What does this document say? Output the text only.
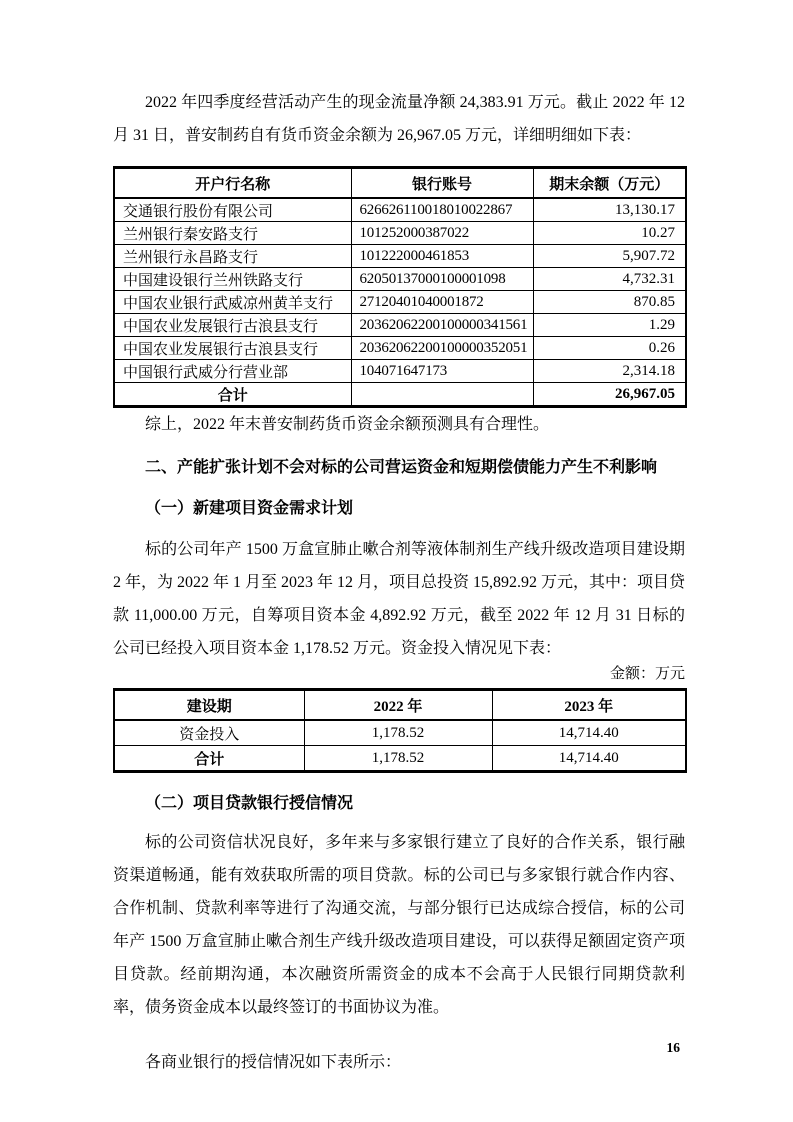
2022 年四季度经营活动产生的现金流量净额 24,383.91 万元。截止 2022 年 12 月 31 日，普安制药自有货币资金余额为 26,967.05 万元，详细明细如下表：

开户行名称	银行账号	期末余额（万元）
交通银行股份有限公司	626626110018010022867	13,130.17
兰州银行秦安路支行	101252000387022	10.27
兰州银行永昌路支行	101222000461853	5,907.72
中国建设银行兰州铁路支行	62050137000100001098	4,732.31
中国农业银行武威凉州黄羊支行	27120401040001872	870.85
中国农业发展银行古浪县支行	20362062200100000341561	1.29
中国农业发展银行古浪县支行	20362062200100000352051	0.26
中国银行武威分行营业部	104071647173	2,314.18
合计		26,967.05

综上，2022 年末普安制药货币资金余额预测具有合理性。

二、产能扩张计划不会对标的公司营运资金和短期偿债能力产生不利影响
（一）新建项目资金需求计划

标的公司年产 1500 万盒宣肺止嗽合剂等液体制剂生产线升级改造项目建设期 2 年，为 2022 年 1 月至 2023 年 12 月，项目总投资 15,892.92 万元，其中：项目贷款 11,000.00 万元，自筹项目资本金 4,892.92 万元，截至 2022 年 12 月 31 日标的公司已经投入项目资本金 1,178.52 万元。资金投入情况见下表：

金额：万元

建设期	2022 年	2023 年
资金投入	1,178.52	14,714.40
合计	1,178.52	14,714.40
（二）项目贷款银行授信情况

标的公司资信状况良好，多年来与多家银行建立了良好的合作关系，银行融资渠道畅通，能有效获取所需的项目贷款。标的公司已与多家银行就合作内容、合作机制、贷款利率等进行了沟通交流，与部分银行已达成综合授信，标的公司年产 1500 万盒宣肺止嗽合剂生产线升级改造项目建设，可以获得足额固定资产项目贷款。经前期沟通，本次融资所需资金的成本不会高于人民银行同期贷款利率，债务资金成本以最终签订的书面协议为准。

各商业银行的授信情况如下表所示：

16
